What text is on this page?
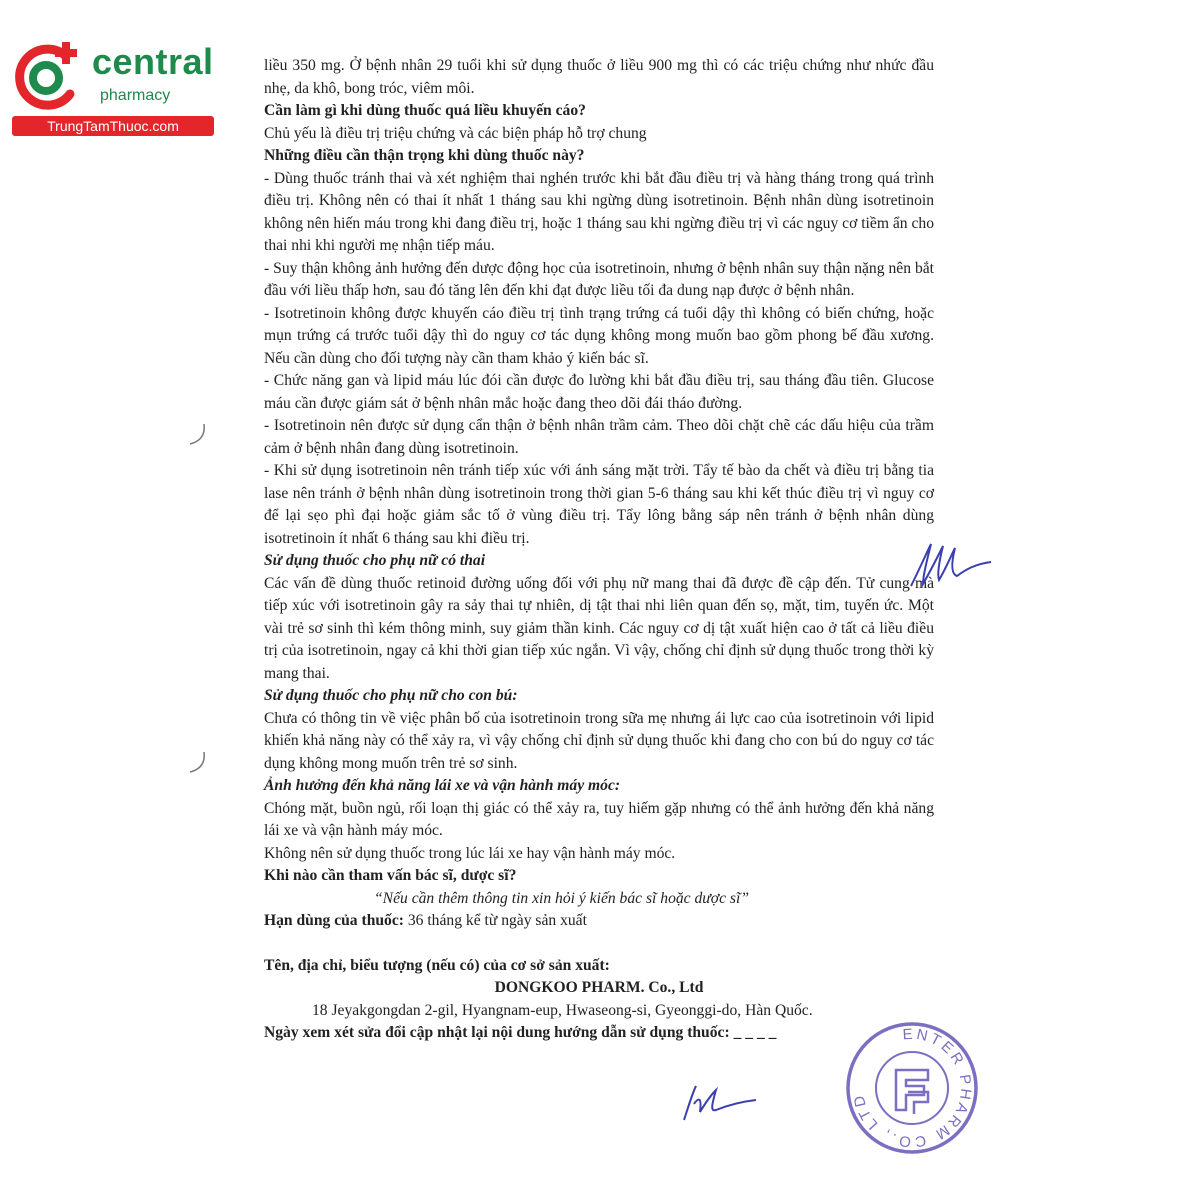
central
pharmacy
TrungTamThuoc.com

liều 350 mg. Ở bệnh nhân 29 tuổi khi sử dụng thuốc ở liều 900 mg thì có các triệu chứng như nhức đầu nhẹ, da khô, bong tróc, viêm môi.

Cần làm gì khi dùng thuốc quá liều khuyến cáo?

Chủ yếu là điều trị triệu chứng và các biện pháp hỗ trợ chung

Những điều cần thận trọng khi dùng thuốc này?

- Dùng thuốc tránh thai và xét nghiệm thai nghén trước khi bắt đầu điều trị và hàng tháng trong quá trình điều trị. Không nên có thai ít nhất 1 tháng sau khi ngừng dùng isotretinoin. Bệnh nhân dùng isotretinoin không nên hiến máu trong khi đang điều trị, hoặc 1 tháng sau khi ngừng điều trị vì các nguy cơ tiềm ẩn cho thai nhi khi người mẹ nhận tiếp máu.

- Suy thận không ảnh hưởng đến dược động học của isotretinoin, nhưng ở bệnh nhân suy thận nặng nên bắt đầu với liều thấp hơn, sau đó tăng lên đến khi đạt được liều tối đa dung nạp được ở bệnh nhân.

- Isotretinoin không được khuyến cáo điều trị tình trạng trứng cá tuổi dậy thì không có biến chứng, hoặc mụn trứng cá trước tuổi dậy thì do nguy cơ tác dụng không mong muốn bao gồm phong bế đầu xương. Nếu cần dùng cho đối tượng này cần tham khảo ý kiến bác sĩ.

- Chức năng gan và lipid máu lúc đói cần được đo lường khi bắt đầu điều trị, sau tháng đầu tiên. Glucose máu cần được giám sát ở bệnh nhân mắc hoặc đang theo dõi đái tháo đường.

- Isotretinoin nên được sử dụng cẩn thận ở bệnh nhân trầm cảm. Theo dõi chặt chẽ các dấu hiệu của trầm cảm ở bệnh nhân đang dùng isotretinoin.

- Khi sử dụng isotretinoin nên tránh tiếp xúc với ánh sáng mặt trời. Tẩy tế bào da chết và điều trị bằng tia lase nên tránh ở bệnh nhân dùng isotretinoin trong thời gian 5-6 tháng sau khi kết thúc điều trị vì nguy cơ để lại sẹo phì đại hoặc giảm sắc tố ở vùng điều trị. Tẩy lông bằng sáp nên tránh ở bệnh nhân dùng isotretinoin ít nhất 6 tháng sau khi điều trị.

Sử dụng thuốc cho phụ nữ có thai

Các vấn đề dùng thuốc retinoid đường uống đối với phụ nữ mang thai đã được đề cập đến. Tử cung mà tiếp xúc với isotretinoin gây ra sảy thai tự nhiên, dị tật thai nhi liên quan đến sọ, mặt, tim, tuyến ức. Một vài trẻ sơ sinh thì kém thông minh, suy giảm thần kinh. Các nguy cơ dị tật xuất hiện cao ở tất cả liều điều trị của isotretinoin, ngay cả khi thời gian tiếp xúc ngắn. Vì vậy, chống chỉ định sử dụng thuốc trong thời kỳ mang thai.

Sử dụng thuốc cho phụ nữ cho con bú:

Chưa có thông tin về việc phân bố của isotretinoin trong sữa mẹ nhưng ái lực cao của isotretinoin với lipid khiến khả năng này có thể xảy ra, vì vậy chống chỉ định sử dụng thuốc khi đang cho con bú do nguy cơ tác dụng không mong muốn trên trẻ sơ sinh.

Ảnh hưởng đến khả năng lái xe và vận hành máy móc:

Chóng mặt, buồn ngủ, rối loạn thị giác có thể xảy ra, tuy hiếm gặp nhưng có thể ảnh hưởng đến khả năng lái xe và vận hành máy móc.

Không nên sử dụng thuốc trong lúc lái xe hay vận hành máy móc.

Khi nào cần tham vấn bác sĩ, dược sĩ?

“Nếu cần thêm thông tin xin hỏi ý kiến bác sĩ hoặc dược sĩ”

Hạn dùng của thuốc: 36 tháng kể từ ngày sản xuất

Tên, địa chỉ, biểu tượng (nếu có) của cơ sở sản xuất:

DONGKOO PHARM. Co., Ltd

18 Jeyakgongdan 2-gil, Hyangnam-eup, Hwaseong-si, Gyeonggi-do, Hàn Quốc.

Ngày xem xét sửa đổi cập nhật lại nội dung hướng dẫn sử dụng thuốc: _ _ _ _	ENTER PHARM CO., LTD
